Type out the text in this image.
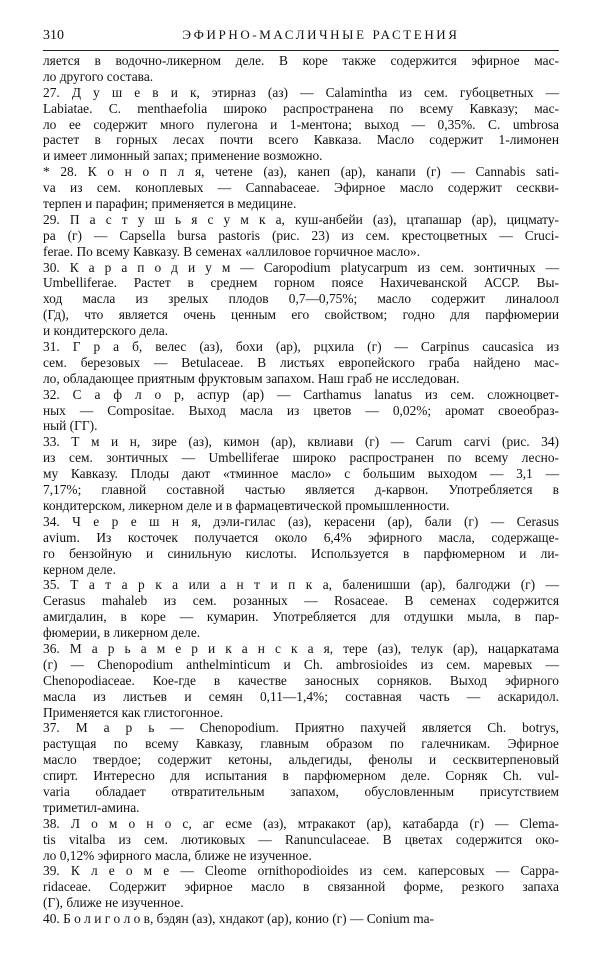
310	ЭФИРНО-МАСЛИЧНЫЕ РАСТЕНИЯ
ляется в водочно-ликерном деле. В коре также содержится эфирное мас-
ло другого состава.
27. Д у ш е в и к, этирназ (аз) — Calamintha из сем. губоцветных —
Labiatae. C. menthaefolia широко распространена по всему Кавказу; мас-
ло ее содержит много пулегона и 1-ментона; выход — 0,35%. C. umbrosa
растет в горных лесах почти всего Кавказа. Масло содержит 1-лимонен
и имеет лимонный запах; применение возможно.
* 28. К о н о п л я, четене (аз), канеп (ар), канапи (г) — Cannabis sati-
va из сем. коноплевых — Cannabaceae. Эфирное масло содержит сескви-
терпен и парафин; применяется в медицине.
29. П а с т у ш ь я с у м к а, куш-анбейи (аз), цтапашар (ар), цицмату-
ра (г) — Capsella bursa pastoris (рис. 23) из сем. крестоцветных — Cruci-
ferae. По всему Кавказу. В семенах «аллиловое горчичное масло».
30. К а р а п о д и у м — Caropodium platycarpum из сем. зонтичных —
Umbelliferae. Растет в среднем горном поясе Нахичеванской АССР. Вы-
ход масла из зрелых плодов 0,7—0,75%; масло содержит линалоол
(Гд), что является очень ценным его свойством; годно для парфюмерии
и кондитерского дела.
31. Г р а б, велес (аз), бохи (ар), рцхила (г) — Carpinus caucasica из
сем. березовых — Betulaceae. В листьях европейского граба найдено мас-
ло, обладающее приятным фруктовым запахом. Наш граб не исследован.
32. С а ф л о р, аспур (ар) — Carthamus lanatus из сем. сложноцвет-
ных — Compositae. Выход масла из цветов — 0,02%; аромат своеобраз-
ный (ГГ).
33. Т м и н, зире (аз), кимон (ар), квлиави (г) — Carum carvi (рис. 34)
из сем. зонтичных — Umbelliferae широко распространен по всему лесно-
му Кавказу. Плоды дают «тминное масло» с большим выходом — 3,1 —
7,17%; главной составной частью является д-карвон. Употребляется в
кондитерском, ликерном деле и в фармацевтической промышленности.
34. Ч е р е ш н я, дэли-гилас (аз), керасени (ар), бали (г) — Cerasus
avium. Из косточек получается около 6,4% эфирного масла, содержаще-
го бензойную и синильную кислоты. Используется в парфюмерном и ли-
керном деле.
35. Т а т а р к а или а н т и п к а, баленишши (ар), балгоджи (г) —
Cerasus mahaleb из сем. розанных — Rosaceae. В семенах содержится
амигдалин, в коре — кумарин. Употребляется для отдушки мыла, в пар-
фюмерии, в ликерном деле.
36. М а р ь а м е р и к а н с к а я, тере (аз), телук (ар), нацаркатама
(г) — Chenopodium anthelminticum и Ch. ambrosioides из сем. маревых —
Chenopodiaceae. Кое-где в качестве заносных сорняков. Выход эфирного
масла из листьев и семян 0,11—1,4%; составная часть — аскаридол.
Применяется как глистогонное.
37. М а р ь — Chenopodium. Приятно пахучей является Ch. botrys,
растущая по всему Кавказу, главным образом по галечникам. Эфирное
масло твердое; содержит кетоны, альдегиды, фенолы и сесквитерпеновый
спирт. Интересно для испытания в парфюмерном деле. Сорняк Ch. vul-
varia обладает отвратительным запахом, обусловленным присутствием
триметил-амина.
38. Л о м о н о с, аг есме (аз), мтракакот (ар), катабарда (г) — Clema-
tis vitalba из сем. лютиковых — Ranunculaceae. В цветах содержится око-
ло 0,12% эфирного масла, ближе не изученное.
39. К л е о м е — Cleome ornithopodioides из сем. каперсовых — Cappa-
ridaceae. Содержит эфирное масло в связанной форме, резкого запаха
(Г), ближе не изученное.
40. Б о л и г о л о в, бэдян (аз), хндакот (ар), конио (г) — Conium ma-
